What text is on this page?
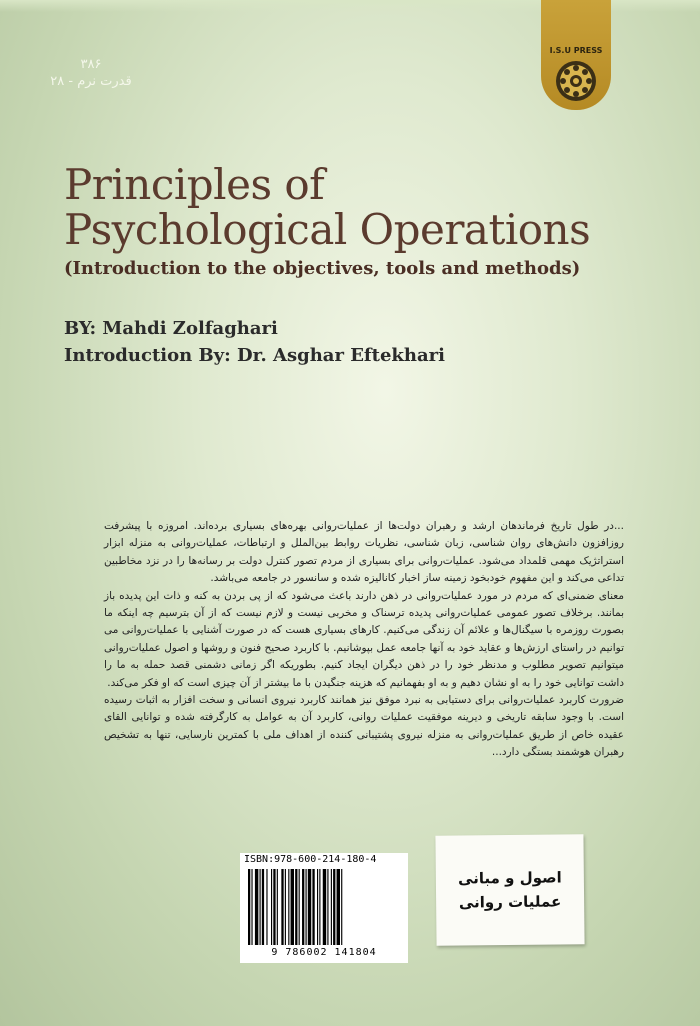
۳۸۶
قدرت نرم - ۲۸
I.S.U PRESS
Principles of
Psychological Operations
(Introduction to the objectives, tools and methods)
BY: Mahdi Zolfaghari
Introduction By: Dr. Asghar Eftekhari

...در طول تاریخ فرماندهان ارشد و رهبران دولت‌ها از عملیات‌روانی بهره‌های بسیاری برده‌اند. امروزه با پیشرفت روزافزون دانش‌های روان شناسی، زبان شناسی، نظریات روابط بین‌الملل و ارتباطات، عملیات‌روانی به منزله ابزار استراتژیک مهمی قلمداد می‌شود. عملیات‌روانی برای بسیاری از مردم تصور کنترل دولت بر رسانه‌ها را در نزد مخاطبین تداعی می‌کند و این مفهوم خودبخود زمینه ساز اخبار کانالیزه شده و سانسور در جامعه می‌باشد.

معنای ضمنی‌ای که مردم در مورد عملیات‌روانی در ذهن دارند باعث می‌شود که از پی بردن به کنه و ذات این پدیده باز بمانند. برخلاف تصور عمومی عملیات‌روانی پدیده ترسناک و مخربی نیست و لازم نیست که از آن بترسیم چه اینکه ما بصورت روزمره با سیگنال‌ها و علائم آن زندگی می‌کنیم. کارهای بسیاری هست که در صورت آشنایی با عملیات‌روانی می توانیم در راستای ارزش‌ها و عقاید خود به آنها جامعه عمل بپوشانیم. با کاربرد صحیح فنون و روشها و اصول عملیات‌روانی میتوانیم تصویر مطلوب و مدنظر خود را در ذهن دیگران ایجاد کنیم. بطوریکه اگر زمانی دشمنی قصد حمله به ما را داشت توانایی خود را به او نشان دهیم و به او بفهمانیم که هزینه جنگیدن با ما بیشتر از آن چیزی است که او فکر می‌کند.

ضرورت کاربرد عملیات‌روانی برای دستیابی به نبرد موفق نیز همانند کاربرد نیروی انسانی و سخت افزار به اثبات رسیده است. با وجود سابقه تاریخی و دیرینه موفقیت عملیات روانی، کاربرد آن به عوامل به کارگرفته شده و توانایی القای عقیده خاص از طریق عملیات‌روانی به منزله نیروی پشتیبانی کننده از اهداف ملی با کمترین نارسایی، تنها به تشخیص رهبران هوشمند بستگی دارد...

ISBN:978-600-214-180-4
9 786002 141804
اصول و مبانی
عملیات روانی
